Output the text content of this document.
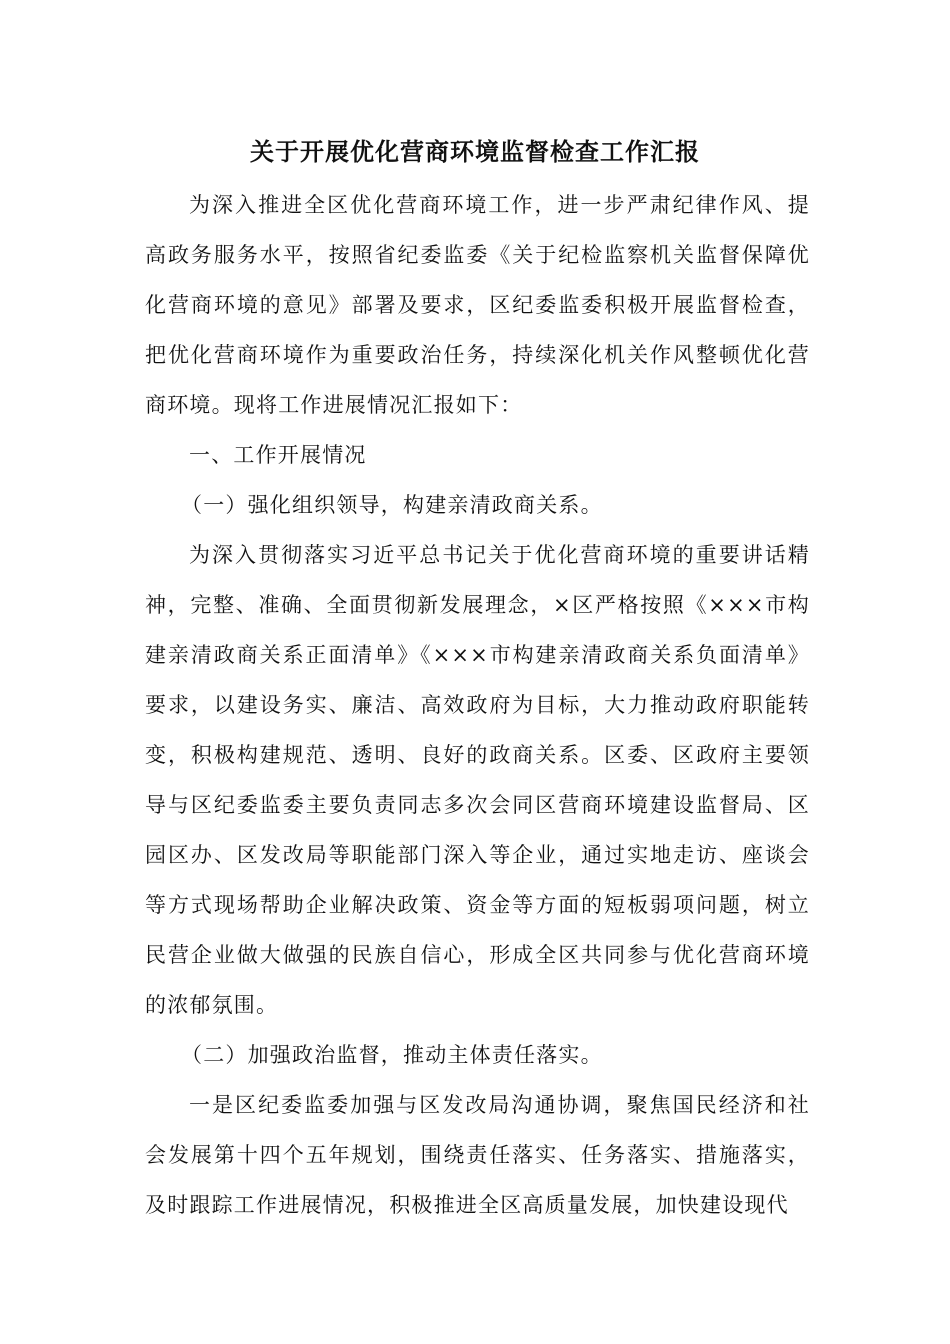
关于开展优化营商环境监督检查工作汇报

为深入推进全区优化营商环境工作，进一步严肃纪律作风、提高政务服务水平，按照省纪委监委《关于纪检监察机关监督保障优化营商环境的意见》部署及要求，区纪委监委积极开展监督检查，把优化营商环境作为重要政治任务，持续深化机关作风整顿优化营商环境。现将工作进展情况汇报如下：

一、工作开展情况

（一）强化组织领导，构建亲清政商关系。

为深入贯彻落实习近平总书记关于优化营商环境的重要讲话精神，完整、准确、全面贯彻新发展理念，×区严格按照《×××市构建亲清政商关系正面清单》《×××市构建亲清政商关系负面清单》要求，以建设务实、廉洁、高效政府为目标，大力推动政府职能转变，积极构建规范、透明、良好的政商关系。区委、区政府主要领导与区纪委监委主要负责同志多次会同区营商环境建设监督局、区园区办、区发改局等职能部门深入等企业，通过实地走访、座谈会等方式现场帮助企业解决政策、资金等方面的短板弱项问题，树立民营企业做大做强的民族自信心，形成全区共同参与优化营商环境的浓郁氛围。

（二）加强政治监督，推动主体责任落实。

一是区纪委监委加强与区发改局沟通协调，聚焦国民经济和社会发展第十四个五年规划，围绕责任落实、任务落实、措施落实，及时跟踪工作进展情况，积极推进全区高质量发展，加快建设现代
